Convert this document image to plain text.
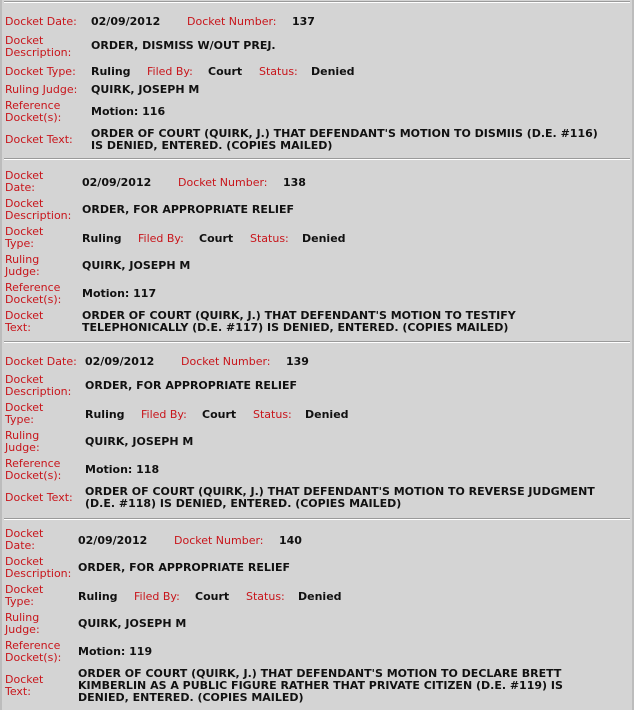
Docket Date: 02/09/2012 Docket Number: 137
Docket
Description:
ORDER, DISMISS W/OUT PREJ.
Docket Type: Ruling Filed By: Court Status: Denied
Ruling Judge: QUIRK, JOSEPH M
Reference
Docket(s):	Motion: 116
Docket Text: ORDER OF COURT (QUIRK, J.) THAT DEFENDANT'S MOTION TO DISMIIS (D.E. #116)
IS DENIED, ENTERED. (COPIES MAILED)
Docket
Date:	02/09/2012 Docket Number: 138
Docket
Description: ORDER, FOR APPROPRIATE RELIEF
Docket
Type:	Ruling Filed By: Court Status: Denied
Ruling
Judge:	QUIRK, JOSEPH M
Reference
Docket(s): Motion: 117
Docket
Text:
ORDER OF COURT (QUIRK, J.) THAT DEFENDANT'S MOTION TO TESTIFY
TELEPHONICALLY (D.E. #117) IS DENIED, ENTERED. (COPIES MAILED)
Docket Date: 02/09/2012 Docket Number: 139
Docket
Description: ORDER, FOR APPROPRIATE RELIEF
Docket
Type:	Ruling Filed By: Court Status: Denied
Ruling
Judge:	QUIRK, JOSEPH M
Reference
Docket(s): Motion: 118
Docket Text: ORDER OF COURT (QUIRK, J.) THAT DEFENDANT'S MOTION TO REVERSE JUDGMENT
(D.E. #118) IS DENIED, ENTERED. (COPIES MAILED)
Docket
Date:	02/09/2012 Docket Number: 140
Docket
Description: ORDER, FOR APPROPRIATE RELIEF
Docket
Type:	Ruling Filed By: Court Status: Denied
Ruling
Judge:	QUIRK, JOSEPH M
Reference
Docket(s): Motion: 119
Docket
Text:
ORDER OF COURT (QUIRK, J.) THAT DEFENDANT'S MOTION TO DECLARE BRETT
KIMBERLIN AS A PUBLIC FIGURE RATHER THAT PRIVATE CITIZEN (D.E. #119) IS
DENIED, ENTERED. (COPIES MAILED)
